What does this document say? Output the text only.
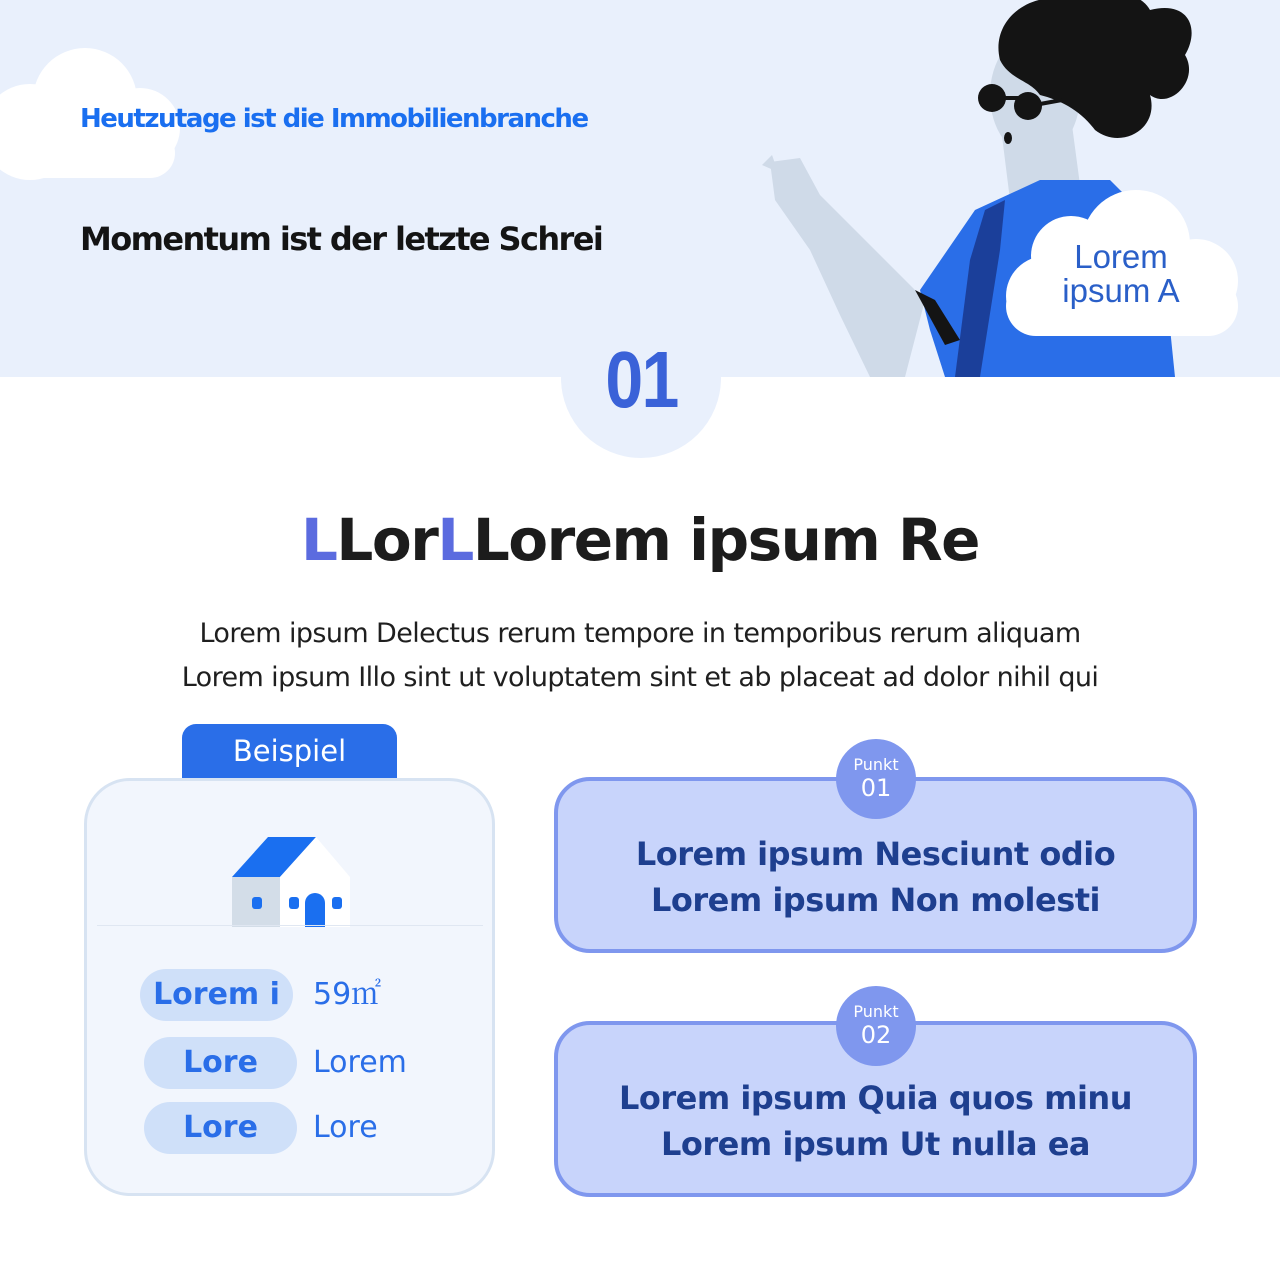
Heutzutage ist die Immobilienbranche
Momentum ist der letzte Schrei	Lorem
ipsum A
01
LLorLLorem ipsum Re
Lorem ipsum Delectus rerum tempore in temporibus rerum aliquam
Lorem ipsum Illo sint ut voluptatem sint et ab placeat ad dolor nihil qui
Beispiel
Lorem i	59㎡
Lore	Lorem
Lore	Lore
Lorem ipsum Nesciunt odio
Lorem ipsum Non molesti
Punkt
01
Lorem ipsum Quia quos minu
Lorem ipsum Ut nulla ea
Punkt
02
